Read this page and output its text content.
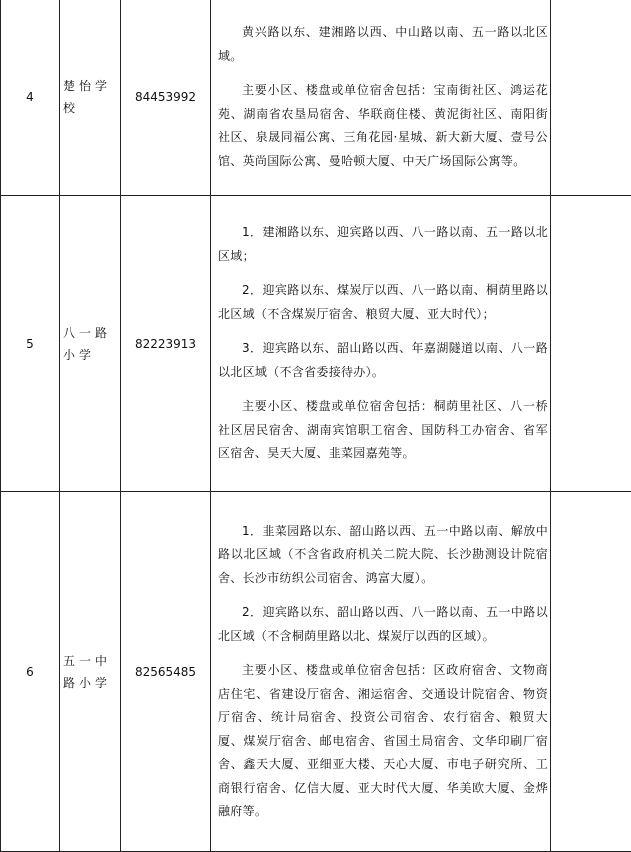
4	楚怡学校	84453992	黄兴路以东、建湘路以西、中山路以南、五一路以北区域。

主要小区、楼盘或单位宿舍包括：宝南街社区、鸿运花苑、湖南省农垦局宿舍、华联商住楼、黄泥街社区、南阳街社区、泉晟同福公寓、三角花园·星城、新大新大厦、壹号公馆、英尚国际公寓、曼哈顿大厦、中天广场国际公寓等。	

5	八一路小学	82223913	1．建湘路以东、迎宾路以西、八一路以南、五一路以北区域；

2．迎宾路以东、煤炭厅以西、八一路以南、桐荫里路以北区域（不含煤炭厅宿舍、粮贸大厦、亚大时代）；

3．迎宾路以东、韶山路以西、年嘉湖隧道以南、八一路以北区域（不含省委接待办）。

主要小区、楼盘或单位宿舍包括：桐荫里社区、八一桥社区居民宿舍、湖南宾馆职工宿舍、国防科工办宿舍、省军区宿舍、昊天大厦、韭菜园嘉苑等。	

6	五一中路小学	82565485	1．韭菜园路以东、韶山路以西、五一中路以南、解放中路以北区域（不含省政府机关二院大院、长沙勘测设计院宿舍、长沙市纺织公司宿舍、鸿富大厦）。

2．迎宾路以东、韶山路以西、八一路以南、五一中路以北区域（不含桐荫里路以北、煤炭厅以西的区域）。

主要小区、楼盘或单位宿舍包括：区政府宿舍、文物商店住宅、省建设厅宿舍、湘运宿舍、交通设计院宿舍、物资厅宿舍、统计局宿舍、投资公司宿舍、农行宿舍、粮贸大厦、煤炭厅宿舍、邮电宿舍、省国土局宿舍、文华印刷厂宿舍、鑫天大厦、亚细亚大楼、天心大厦、市电子研究所、工商银行宿舍、亿信大厦、亚大时代大厦、华美欧大厦、金烨融府等。	
